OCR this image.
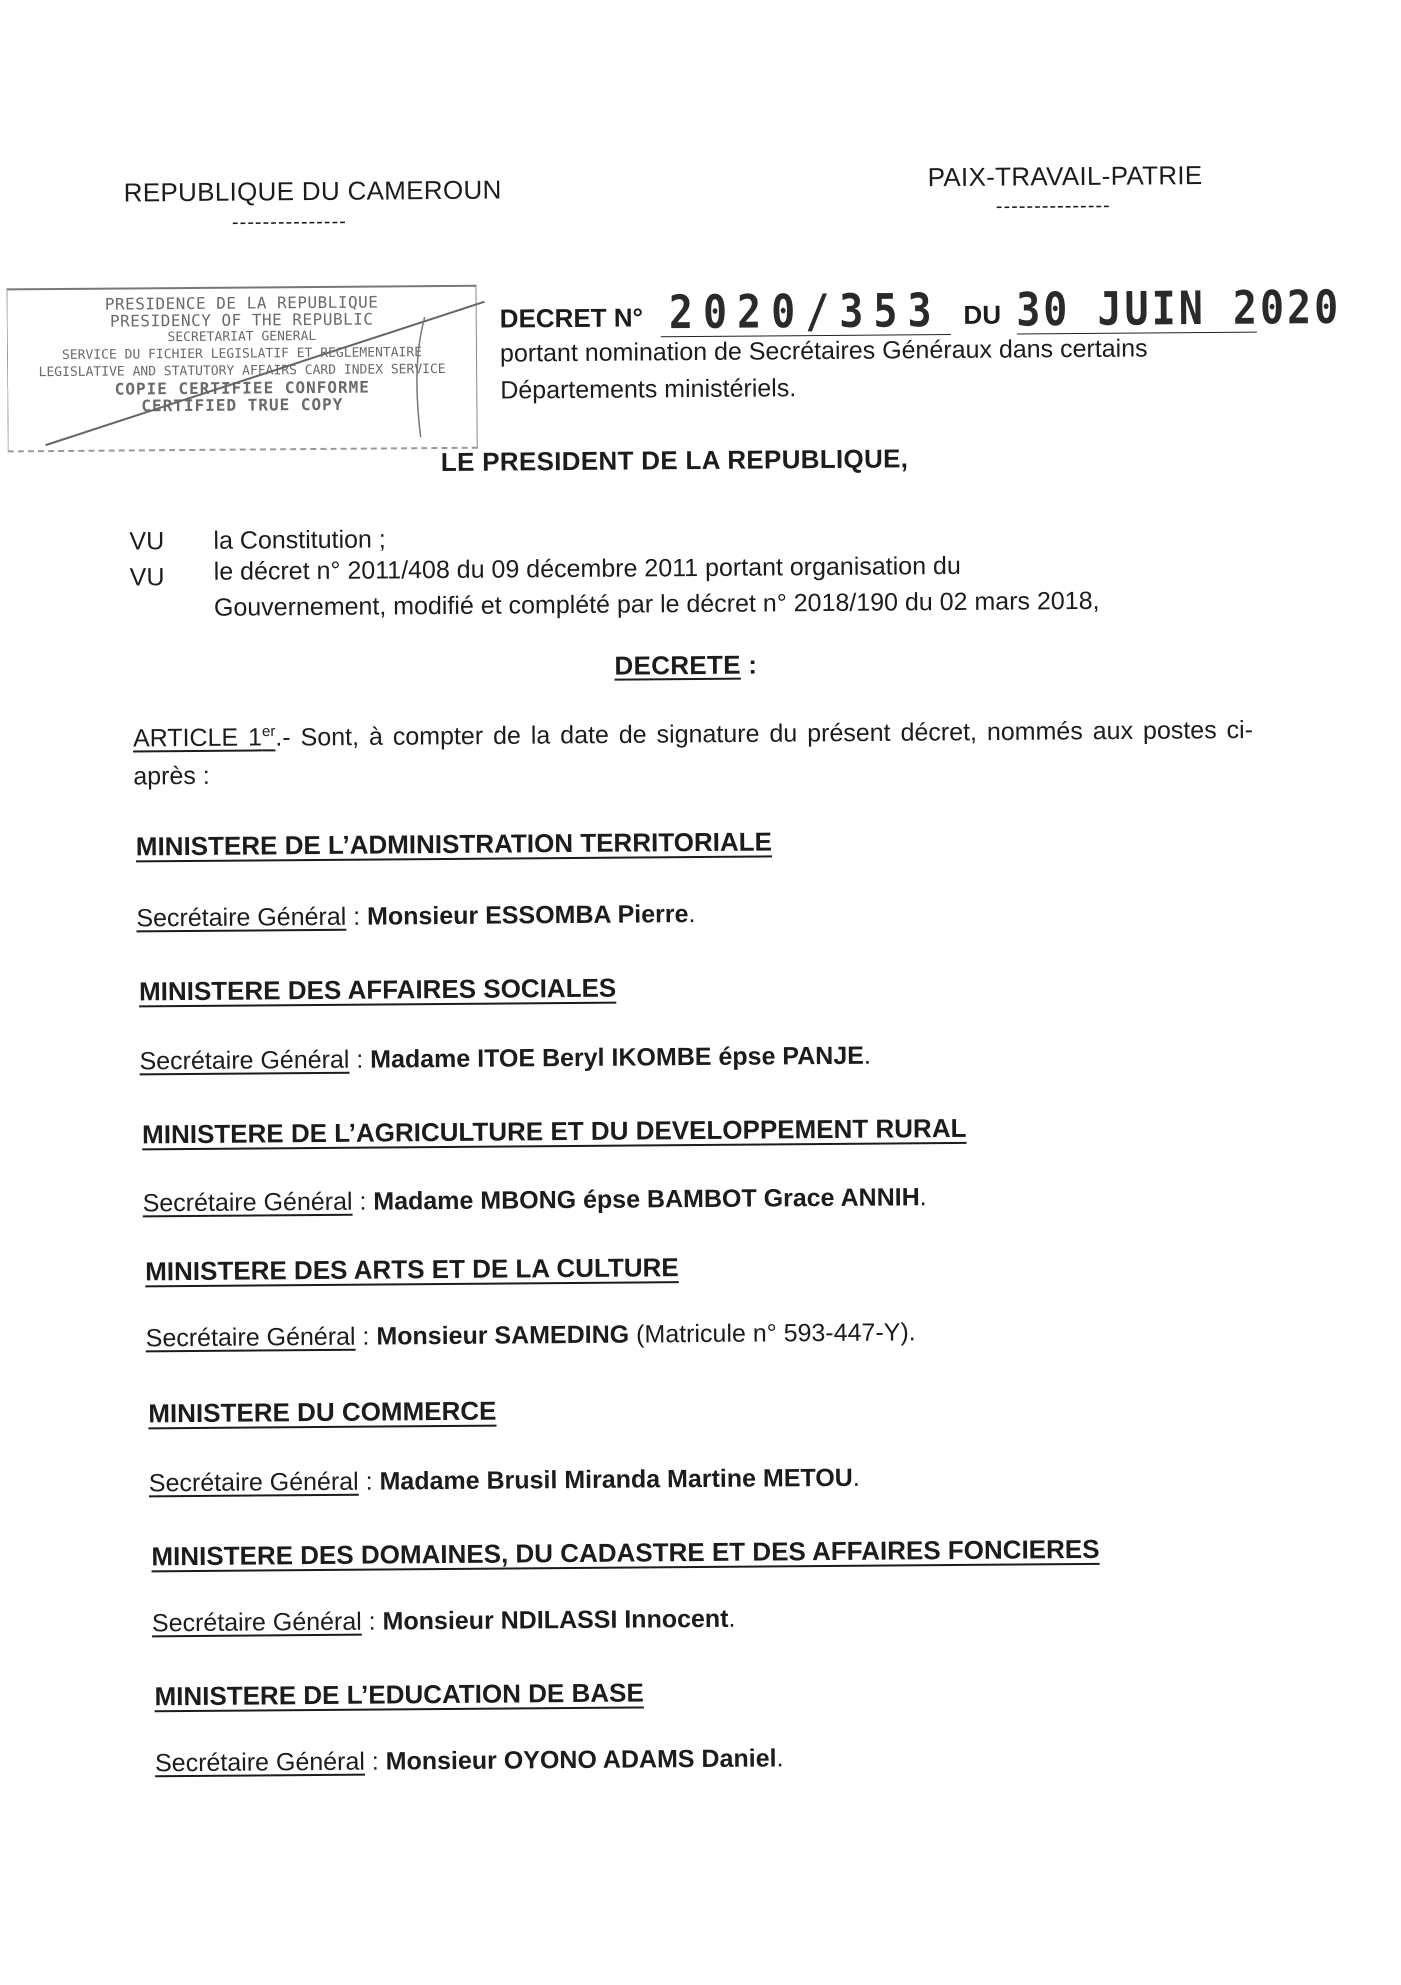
REPUBLIQUE DU CAMEROUN
---------------
PAIX-TRAVAIL-PATRIE
---------------
PRESIDENCE DE LA REPUBLIQUE
PRESIDENCY OF THE REPUBLIC
SECRETARIAT GENERAL
SERVICE DU FICHIER LEGISLATIF ET REGLEMENTAIRE
LEGISLATIVE AND STATUTORY AFFAIRS CARD INDEX SERVICE
COPIE CERTIFIEE CONFORME
CERTIFIED TRUE COPY
DECRET N° 2020/353 DU 30 JUIN 2020
portant nomination de Secrétaires Généraux dans certains
Départements ministériels.
LE PRESIDENT DE LA REPUBLIQUE,
VU la Constitution ;
VU le décret n° 2011/408 du 09 décembre 2011 portant organisation du
Gouvernement, modifié et complété par le décret n° 2018/190 du 02 mars 2018,
DECRETE :
ARTICLE 1er.- Sont, à compter de la date de signature du présent décret, nommés aux postes ci-après :
MINISTERE DE L’ADMINISTRATION TERRITORIALE
Secrétaire Général : Monsieur ESSOMBA Pierre.
MINISTERE DES AFFAIRES SOCIALES
Secrétaire Général : Madame ITOE Beryl IKOMBE épse PANJE.
MINISTERE DE L’AGRICULTURE ET DU DEVELOPPEMENT RURAL
Secrétaire Général : Madame MBONG épse BAMBOT Grace ANNIH.
MINISTERE DES ARTS ET DE LA CULTURE
Secrétaire Général : Monsieur SAMEDING (Matricule n° 593-447-Y).
MINISTERE DU COMMERCE
Secrétaire Général : Madame Brusil Miranda Martine METOU.
MINISTERE DES DOMAINES, DU CADASTRE ET DES AFFAIRES FONCIERES
Secrétaire Général : Monsieur NDILASSI Innocent.
MINISTERE DE L’EDUCATION DE BASE
Secrétaire Général : Monsieur OYONO ADAMS Daniel.
